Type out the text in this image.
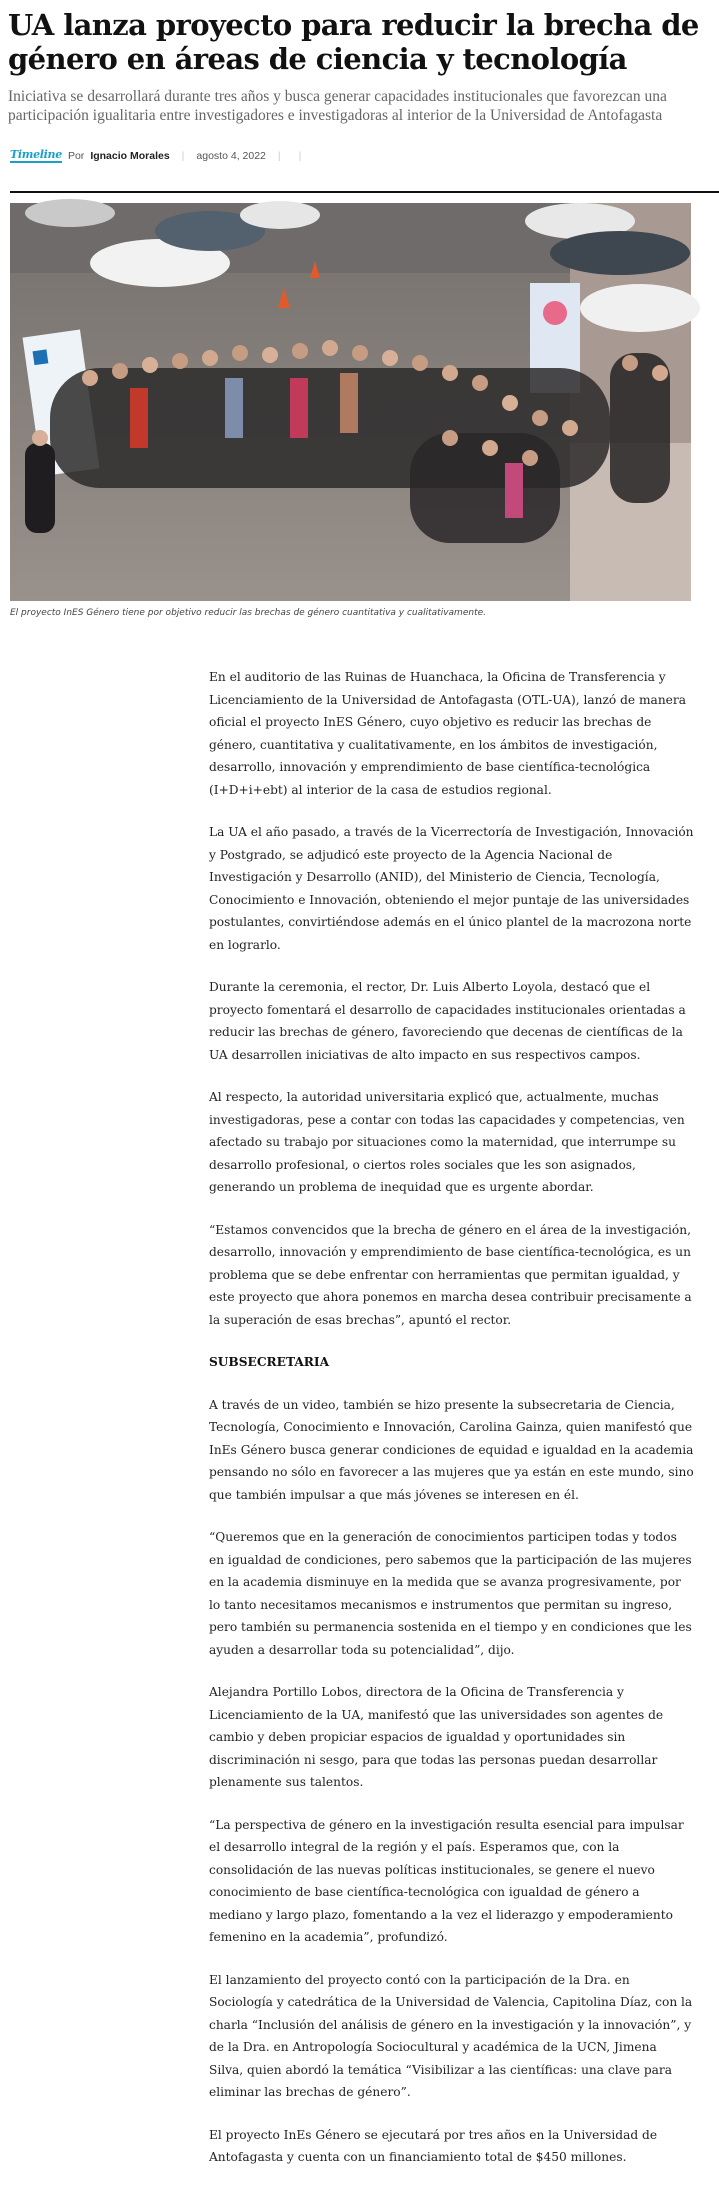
UA lanza proyecto para reducir la brecha de género en áreas de ciencia y tecnología

Iniciativa se desarrollará durante tres años y busca generar capacidades institucionales que favorezcan una participación igualitaria entre investigadores e investigadoras al interior de la Universidad de Antofagasta

Timeline Por Ignacio Morales | agosto 4, 2022 | |

El proyecto InES Género tiene por objetivo reducir las brechas de género cuantitativa y cualitativamente.

En el auditorio de las Ruinas de Huanchaca, la Oficina de Transferencia y Licenciamiento de la Universidad de Antofagasta (OTL-UA), lanzó de manera oficial el proyecto InES Género, cuyo objetivo es reducir las brechas de género, cuantitativa y cualitativamente, en los ámbitos de investigación, desarrollo, innovación y emprendimiento de base científica-tecnológica (I+D+i+ebt) al interior de la casa de estudios regional.

La UA el año pasado, a través de la Vicerrectoría de Investigación, Innovación y Postgrado, se adjudicó este proyecto de la Agencia Nacional de Investigación y Desarrollo (ANID), del Ministerio de Ciencia, Tecnología, Conocimiento e Innovación, obteniendo el mejor puntaje de las universidades postulantes, convirtiéndose además en el único plantel de la macrozona norte en lograrlo.

Durante la ceremonia, el rector, Dr. Luis Alberto Loyola, destacó que el proyecto fomentará el desarrollo de capacidades institucionales orientadas a reducir las brechas de género, favoreciendo que decenas de científicas de la UA desarrollen iniciativas de alto impacto en sus respectivos campos.

Al respecto, la autoridad universitaria explicó que, actualmente, muchas investigadoras, pese a contar con todas las capacidades y competencias, ven afectado su trabajo por situaciones como la maternidad, que interrumpe su desarrollo profesional, o ciertos roles sociales que les son asignados, generando un problema de inequidad que es urgente abordar.

“Estamos convencidos que la brecha de género en el área de la investigación, desarrollo, innovación y emprendimiento de base científica-tecnológica, es un problema que se debe enfrentar con herramientas que permitan igualdad, y este proyecto que ahora ponemos en marcha desea contribuir precisamente a la superación de esas brechas”, apuntó el rector.

SUBSECRETARIA

A través de un video, también se hizo presente la subsecretaria de Ciencia, Tecnología, Conocimiento e Innovación, Carolina Gainza, quien manifestó que InEs Género busca generar condiciones de equidad e igualdad en la academia pensando no sólo en favorecer a las mujeres que ya están en este mundo, sino que también impulsar a que más jóvenes se interesen en él.

“Queremos que en la generación de conocimientos participen todas y todos en igualdad de condiciones, pero sabemos que la participación de las mujeres en la academia disminuye en la medida que se avanza progresivamente, por lo tanto necesitamos mecanismos e instrumentos que permitan su ingreso, pero también su permanencia sostenida en el tiempo y en condiciones que les ayuden a desarrollar toda su potencialidad”, dijo.

Alejandra Portillo Lobos, directora de la Oficina de Transferencia y Licenciamiento de la UA, manifestó que las universidades son agentes de cambio y deben propiciar espacios de igualdad y oportunidades sin discriminación ni sesgo, para que todas las personas puedan desarrollar plenamente sus talentos.

“La perspectiva de género en la investigación resulta esencial para impulsar el desarrollo integral de la región y el país. Esperamos que, con la consolidación de las nuevas políticas institucionales, se genere el nuevo conocimiento de base científica-tecnológica con igualdad de género a mediano y largo plazo, fomentando a la vez el liderazgo y empoderamiento femenino en la academia”, profundizó.

El lanzamiento del proyecto contó con la participación de la Dra. en Sociología y catedrática de la Universidad de Valencia, Capitolina Díaz, con la charla “Inclusión del análisis de género en la investigación y la innovación”, y de la Dra. en Antropología Sociocultural y académica de la UCN, Jimena Silva, quien abordó la temática “Visibilizar a las científicas: una clave para eliminar las brechas de género”.

El proyecto InEs Género se ejecutará por tres años en la Universidad de Antofagasta y cuenta con un financiamiento total de $450 millones.
